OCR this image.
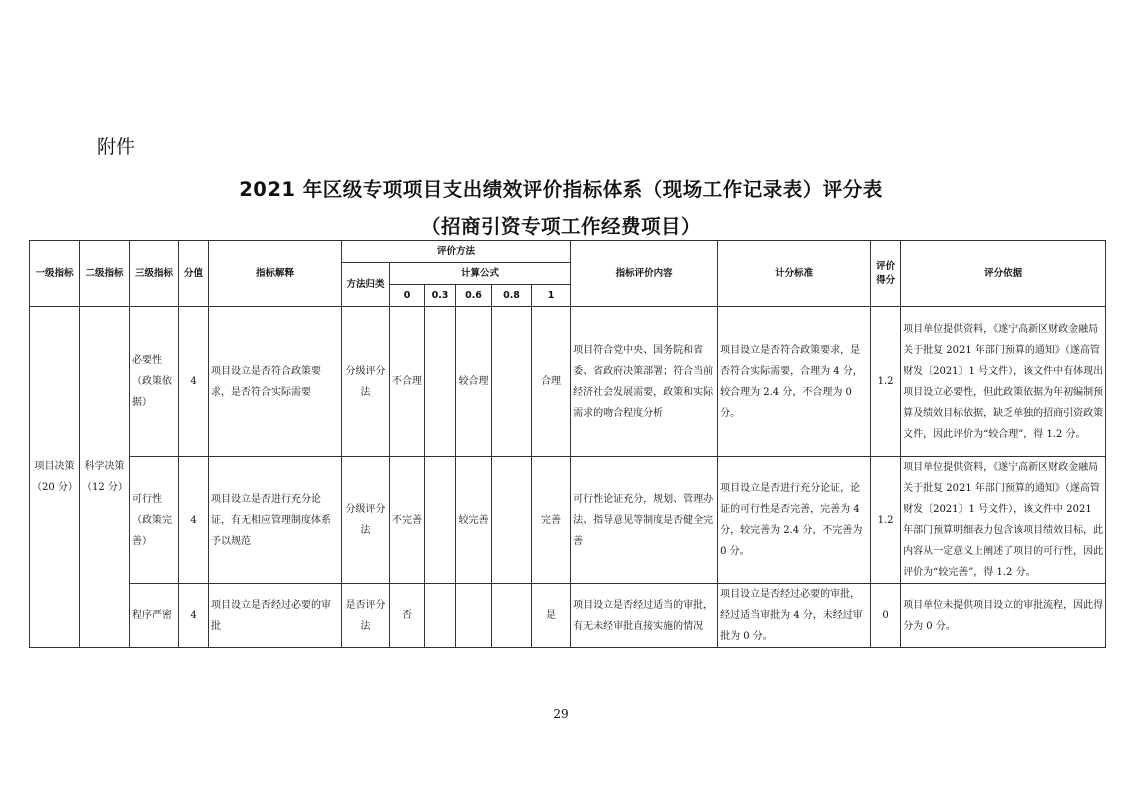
附件
2021 年区级专项项目支出绩效评价指标体系（现场工作记录表）评分表
（招商引资专项工作经费项目）
一级指标	二级指标	三级指标	分值	指标解释	评价方法						指标评价内容	计分标准	评价得分	评分依据
					方法归类	计算公式								
						0	0.3	0.6	0.8	1				
项目决策（20 分）	科学决策（12 分）	必要性（政策依据）	4	项目设立是否符合政策要求，是否符合实际需要	分级评分法	不合理		较合理		合理	项目符合党中央、国务院和省委、省政府决策部署；符合当前经济社会发展需要，政策和实际需求的吻合程度分析	项目设立是否符合政策要求，是否符合实际需要，合理为 4 分，较合理为 2.4 分，不合理为 0 分。	1.2	项目单位提供资料，《遂宁高新区财政金融局关于批复 2021 年部门预算的通知》（遂高管财发〔2021〕1 号文件），该文件中有体现出项目设立必要性，但此政策依据为年初编制预算及绩效目标依据，缺乏单独的招商引资政策文件，因此评价为“较合理”，得 1.2 分。
		可行性（政策完善）	4	项目设立是否进行充分论证，有无相应管理制度体系予以规范	分级评分法	不完善		较完善		完善	可行性论证充分，规划、管理办法、指导意见等制度是否健全完善	项目设立是否进行充分论证，论证的可行性是否完善，完善为 4 分，较完善为 2.4 分，不完善为 0 分。	1.2	项目单位提供资料，《遂宁高新区财政金融局关于批复 2021 年部门预算的通知》（遂高管财发〔2021〕1 号文件），该文件中 2021 年部门预算明细表力包含该项目绩效目标，此内容从一定意义上阐述了项目的可行性，因此评价为“较完善”，得 1.2 分。
		程序严密	4	项目设立是否经过必要的审批	是否评分法	否				是	项目设立是否经过适当的审批，有无未经审批直接实施的情况	项目设立是否经过必要的审批，经过适当审批为 4 分，未经过审批为 0 分。	0	项目单位未提供项目设立的审批流程，因此得分为 0 分。
29
